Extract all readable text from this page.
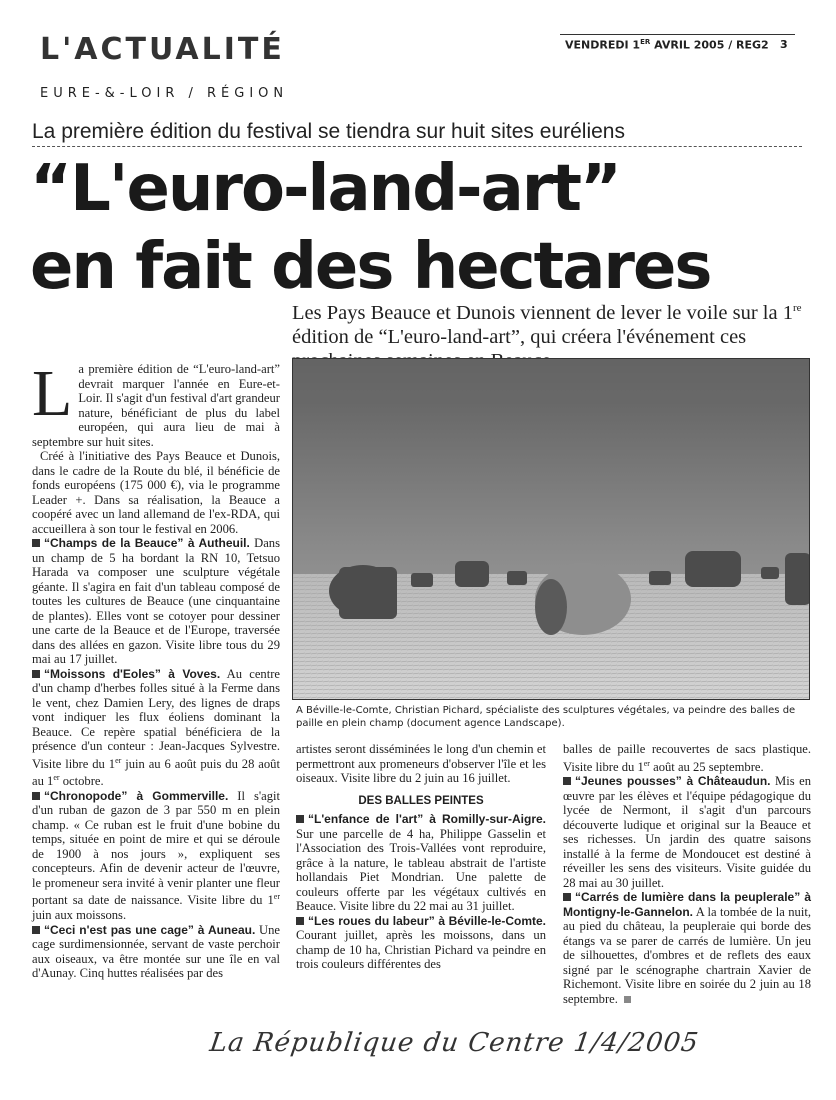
L'ACTUALITÉ	VENDREDI 1ER AVRIL 2005 / REG2 3
EURE-&-LOIR / RÉGION
La première édition du festival se tiendra sur huit sites euréliens
“L'euro-land-art”
en fait des hectares
Les Pays Beauce et Dunois viennent de lever le voile sur la 1re édition de “L'euro-land-art”, qui créera l'événement ces

La première édition de “L'euro-land-art” devrait marquer l'année en Eure-et-Loir. Il s'agit d'un festival d'art grandeur nature, bénéficiant de plus du label européen, qui aura lieu de mai à septembre sur huit sites.

Créé à l'initiative des Pays Beauce et Dunois, dans le cadre de la Route du blé, il bénéficie de fonds européens (175 000 €), via le programme Leader +. Dans sa réalisation, la Beauce a coopéré avec un land allemand de l'ex-RDA, qui accueillera à son tour le festival en 2006.

“Champs de la Beauce” à Autheuil. Dans un champ de 5 ha bordant la RN 10, Tetsuo Harada va composer une sculpture végétale géante. Il s'agira en fait d'un tableau composé de toutes les cultures de Beauce (une cinquantaine de plantes). Elles vont se cotoyer pour dessiner une carte de la Beauce et de l'Europe, traversée dans des allées en gazon. Visite libre tous du 29 mai au 17 juillet.

“Moissons d'Eoles” à Voves. Au centre d'un champ d'herbes folles situé à la Ferme dans le vent, chez Damien Lery, des lignes de draps vont indiquer les flux éoliens dominant la Beauce. Ce repère spatial bénéficiera de la présence d'un conteur : Jean-Jacques Sylvestre. Visite libre du 1er juin au 6 août puis du 28 août au 1er octobre.

“Chronopode” à Gommerville. Il s'agit d'un ruban de gazon de 3 par 550 m en plein champ. « Ce ruban est le fruit d'une bobine du temps, située en point de mire et qui se déroule de 1900 à nos jours », expliquent ses concepteurs. Afin de devenir acteur de l'œuvre, le promeneur sera invité à venir planter une fleur portant sa date de naissance. Visite libre du 1er juin aux moissons.

“Ceci n'est pas une cage” à Auneau. Une cage surdimensionnée, servant de vaste perchoir aux oiseaux, va être montée sur une île en val d'Aunay. Cinq huttes réalisées par des

A Béville-le-Comte, Christian Pichard, spécialiste des sculptures végétales, va peindre des balles de paille en plein champ (document agence Landscape).

artistes seront disséminées le long d'un chemin et permettront aux promeneurs d'observer l'île et les oiseaux. Visite libre du 2 juin au 16 juillet.

DES BALLES PEINTES

“L'enfance de l'art” à Romilly-sur-Aigre. Sur une parcelle de 4 ha, Philippe Gasselin et l'Association des Trois-Vallées vont reproduire, grâce à la nature, le tableau abstrait de l'artiste hollandais Piet Mondrian. Une palette de couleurs offerte par les végétaux cultivés en Beauce. Visite libre du 22 mai au 31 juillet.

“Les roues du labeur” à Béville-le-Comte. Courant juillet, après les moissons, dans un champ de 10 ha, Christian Pichard va peindre en trois couleurs différentes des

balles de paille recouvertes de sacs plastique. Visite libre du 1er août au 25 septembre.

“Jeunes pousses” à Châteaudun. Mis en œuvre par les élèves et l'équipe pédagogique du lycée de Nermont, il s'agit d'un parcours découverte ludique et original sur la Beauce et ses richesses. Un jardin des quatre saisons installé à la ferme de Mondoucet est destiné à réveiller les sens des visiteurs. Visite guidée du 28 mai au 30 juillet.

“Carrés de lumière dans la peuplerale” à Montigny-le-Gannelon. A la tombée de la nuit, au pied du château, la peupleraie qui borde des étangs va se parer de carrés de lumière. Un jeu de silhouettes, d'ombres et de reflets des eaux signé par le scénographe chartrain Xavier de Richemont. Visite libre en soirée du 2 juin au 18 septembre.

La République du Centre 1/4/2005
